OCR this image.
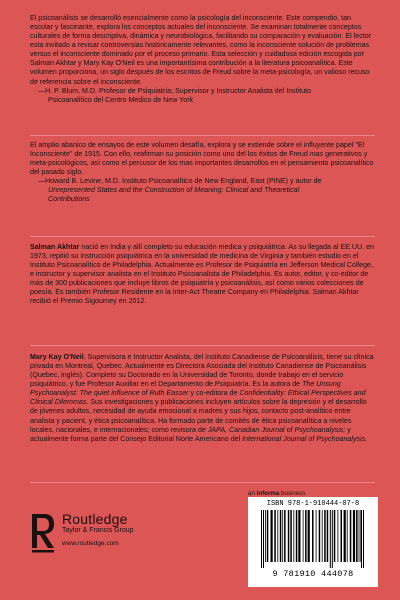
El psicoanálisis se desarrolló esencialmente como la psicología del inconsciente. Este compendio, tan escolar y fascinante, explora los conceptos actuales del inconsciente. Se examinan totalmente conceptos culturales de forma descriptiva, dinámica y neurobiológica, facilitando su comparación y evaluación. El lector esta invitado a revisar controversias históricamente relevantes, como la inconsciente solución de problemas versus el inconsciente dominado por el proceso primario. Esta selección y cuidadosa edición escogida por Salman Akhtar y Mary Kay O'Neil es una importantísima contribución a la literatura psicoanalítica. Este volumen proporciona, un siglo después de los escritos de Freud sobre la meta-psicología, un valioso recuso de referencia sobre el inconsciente.
—H. P. Blum, M.D. Profesor de Psiquiatría; Supervisor y Instructor Analista del Instituto
Psicoanalítico del Centro Medico de New York
El amplio abanico de ensayos de este volumen desafía, explora y se extiende sobre el influyente papel "El Inconsciente" de 1915. Con ello, reafirman su posición como uno del los éxitos de Freud mas generativos y meta-psicológicos, así como el percusor de los mas importantes desarrollos en el pensamiento psicoanalítico del pasado siglo.
—Howard B. Levine, M.D. Instituto Psicoanalítico de New England, East (PINE) y autor de
Unrepresented States and the Construction of Meaning: Clinical and Theoretical
Contributions
Salman Akhtar nació en India y allí completo su educación medica y psiquiátrica. As su llegada al EE.UU. en 1973, repitió su instrucción psiquiátrica en la universidad de medicina de Virginia y también estudio en el Instituto Psicoanalítico de Philadelphia. Actualmente es Profesor de Psiquiatría en Jefferson Medical College, e instructor y supervisor analista en el Instituto Psicoanalista de Philadelphia. Es autor, editor, y co-editor de más de 300 publicaciones que incluye libros de psiquiatría y psicoanálisis, así como varios colecciones de poesía. Es también Profesor Residente en la Inter-Act Theatre Company en Philadelphia. Salman Akhtar recibió el Premio Sigourney en 2012.
Mary Kay O'Neil, Supervisora e Instructor Analista, del Instituto Canadiense de Psicoanálisis, tiene su clínica privada en Montreal, Quebec. Actualmente es Directora Asociada del Instituto Canadiense de Psicoanálisis (Quebec, inglés). Completo su Doctorado en la Universidad de Toronto, donde trabajo en el servicio psiquiátrico, y fue Profesor Auxiliar en el Departamento de Psiquiatría. Es la autora de The Unsung Psychoanalyst: The quiet influence of Ruth Easser y co-editora de Confidentiality: Ethical Perspectives and Clinical Dilemmas. Sus investigaciones y publicaciones incluyen artículos sobre la depresión y el desarrollo de jóvenes adultos, necesidad de ayuda emocional a madres y sus hijos, contacto post-analítico entre analista y pacient, y ética psicoanalítica. Ha formado parte de comités de ética psicoanalítica a niveles locales, nacionales, e internacionales; como revisora de JAPA, Canadian Journal of Psychoanalysis; y actualmente forma parte del Consejo Editorial Norte Americano del International Journal of Psychoanalysis.
Routledge
Taylor & Francis Group
www.routledge.com
an informa business
ISBN 978-1-910444-07-8
9 781910 444078
